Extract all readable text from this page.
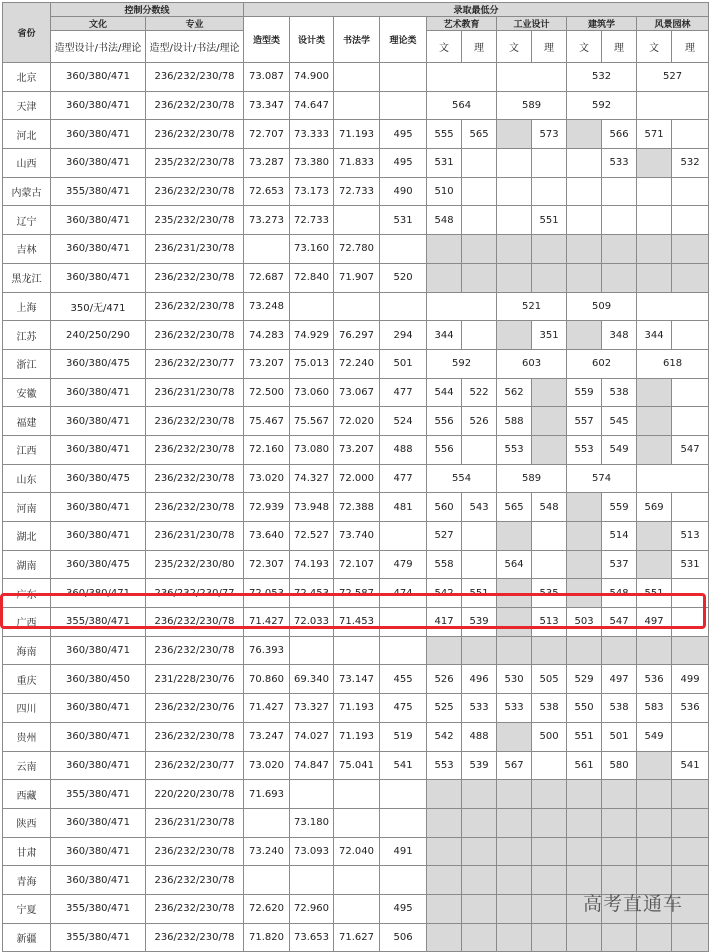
省份	控制分数线		录取最低分											
	文化	专业	造型类	设计类	书法学	理论类	艺术教育		工业设计		建筑学		风景园林	
	造型设计/书法/理论	造型/设计/书法/理论					文	理	文	理	文	理	文	理
北京	360/380/471	236/232/230/78	73.087	74.900							532		527	
天津	360/380/471	236/232/230/78	73.347	74.647			564		589		592			
河北	360/380/471	236/232/230/78	72.707	73.333	71.193	495	555	565		573		566	571	
山西	360/380/471	235/232/230/78	73.287	73.380	71.833	495	531					533		532
内蒙古	355/380/471	236/232/230/78	72.653	73.173	72.733	490	510							
辽宁	360/380/471	235/232/230/78	73.273	72.733		531	548			551				
吉林	360/380/471	236/231/230/78		73.160	72.780									
黑龙江	360/380/471	236/232/230/78	72.687	72.840	71.907	520								
上海	350/无/471	236/232/230/78	73.248						521		509			
江苏	240/250/290	236/232/230/78	74.283	74.929	76.297	294	344			351		348	344	
浙江	360/380/475	236/232/230/77	73.207	75.013	72.240	501	592		603		602		618	
安徽	360/380/471	236/231/230/78	72.500	73.060	73.067	477	544	522	562		559	538		
福建	360/380/471	236/232/230/78	75.467	75.567	72.020	524	556	526	588		557	545		
江西	360/380/471	236/232/230/78	72.160	73.080	73.207	488	556		553		553	549		547
山东	360/380/475	236/232/230/78	73.020	74.327	72.000	477	554		589		574			
河南	360/380/471	236/232/230/78	72.939	73.948	72.388	481	560	543	565	548		559	569	
湖北	360/380/471	236/231/230/78	73.640	72.527	73.740		527					514		513
湖南	360/380/475	235/232/230/80	72.307	74.193	72.107	479	558		564			537		531
广东	360/380/471	236/232/230/77	72.053	72.453	72.587	474	542	551		535		548	551	
广西	355/380/471	236/232/230/78	71.427	72.033	71.453		417	539		513	503	547	497	
海南	360/380/471	236/232/230/78	76.393											
重庆	360/380/450	231/228/230/76	70.860	69.340	73.147	455	526	496	530	505	529	497	536	499
四川	360/380/471	236/232/230/76	71.427	73.327	71.193	475	525	533	533	538	550	538	583	536
贵州	360/380/471	236/232/230/78	73.247	74.027	71.193	519	542	488		500	551	501	549	
云南	360/380/471	236/232/230/77	73.020	74.847	75.041	541	553	539	567		561	580		541
西藏	355/380/471	220/220/230/78	71.693											
陕西	360/380/471	236/231/230/78		73.180										
甘肃	360/380/471	236/232/230/78	73.240	73.093	72.040	491								
青海	360/380/471	236/232/230/78												
宁夏	355/380/471	236/232/230/78	72.620	72.960		495								
新疆	355/380/471	236/232/230/78	71.820	73.653	71.627	506								
高考直通车
